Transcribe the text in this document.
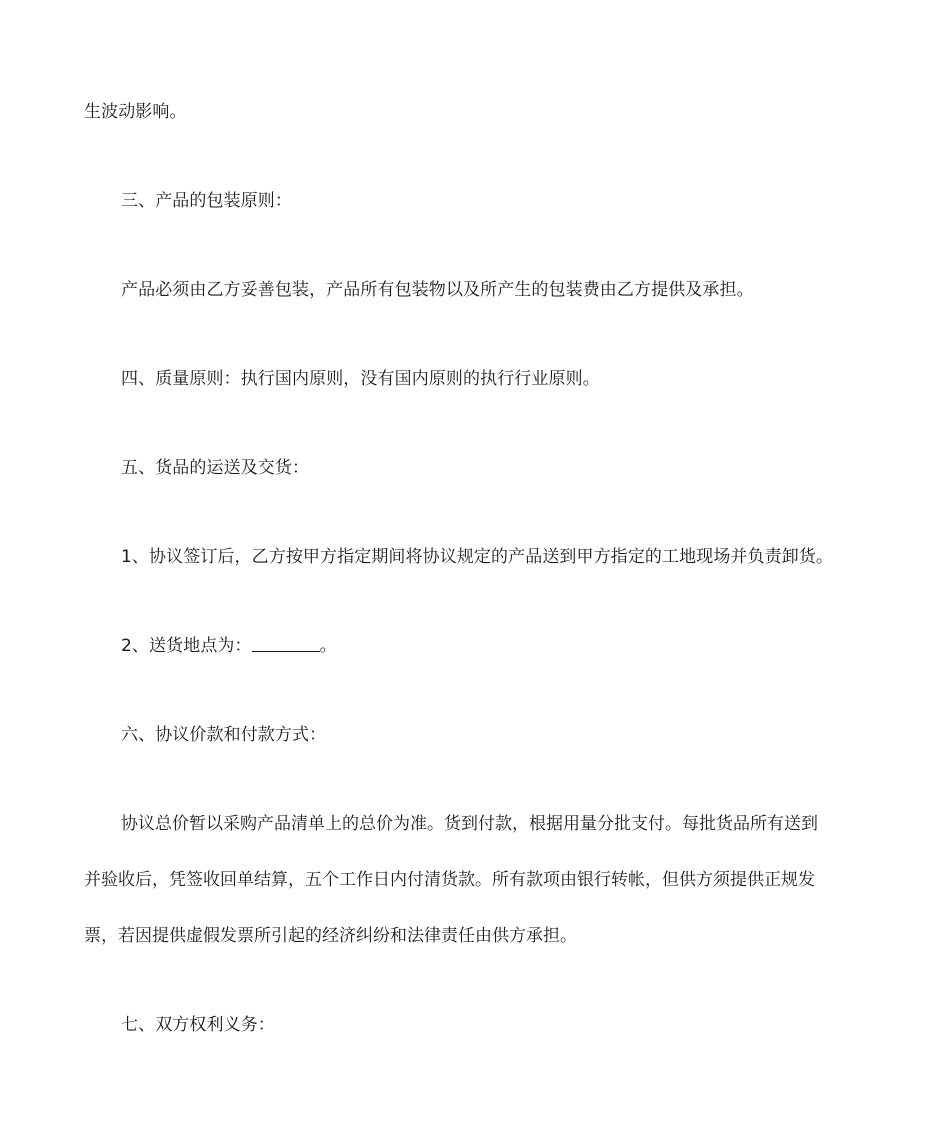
生波动影响。
三、产品的包装原则：
产品必须由乙方妥善包装，产品所有包装物以及所产生的包装费由乙方提供及承担。
四、质量原则：执行国内原则，没有国内原则的执行行业原则。
五、货品的运送及交货：
1、协议签订后，乙方按甲方指定期间将协议规定的产品送到甲方指定的工地现场并负责卸货。
2、送货地点为：	。
六、协议价款和付款方式：
协议总价暂以采购产品清单上的总价为准。货到付款，根据用量分批支付。每批货品所有送到
并验收后，凭签收回单结算，五个工作日内付清货款。所有款项由银行转帐，但供方须提供正规发
票，若因提供虚假发票所引起的经济纠纷和法律责任由供方承担。
七、双方权利义务：
